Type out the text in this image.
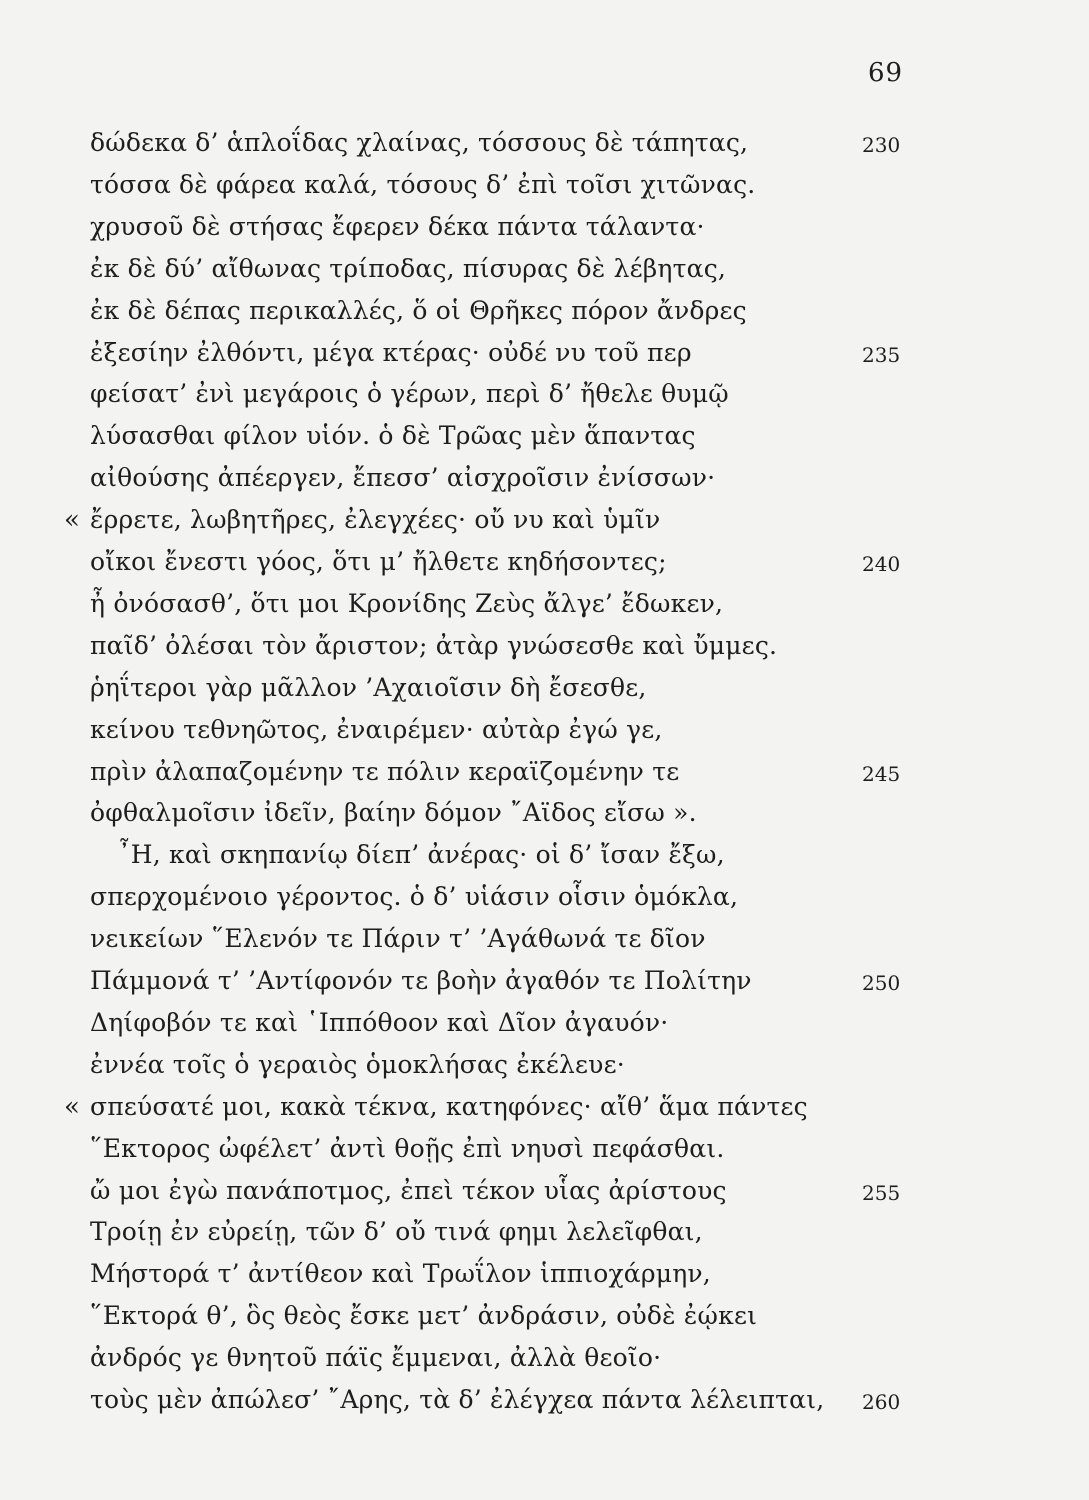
69
δώδεκα δ’ ἁπλοΐδας χλαίνας, τόσσους δὲ τάπητας,	230
τόσσα δὲ φάρεα καλά, τόσους δ’ ἐπὶ τοῖσι χιτῶνας.
χρυσοῦ δὲ στήσας ἔφερεν δέκα πάντα τάλαντα·
ἐκ δὲ δύ’ αἴθωνας τρίποδας, πίσυρας δὲ λέβητας,
ἐκ δὲ δέπας περικαλλές, ὅ οἱ Θρῆκες πόρον ἄνδρες
ἐξεσίην ἐλθόντι, μέγα κτέρας· οὐδέ νυ τοῦ περ	235
φείσατ’ ἐνὶ μεγάροις ὁ γέρων, περὶ δ’ ἤθελε θυμῷ
λύσασθαι φίλον υἱόν. ὁ δὲ Τρῶας μὲν ἅπαντας
αἰθούσης ἀπέεργεν, ἔπεσσ’ αἰσχροῖσιν ἐνίσσων·
« ἔρρετε, λωβητῆρες, ἐλεγχέες· οὔ νυ καὶ ὑμῖν
οἴκοι ἔνεστι γόος, ὅτι μ’ ἤλθετε κηδήσοντες;	240
ἦ ὀνόσασθ’, ὅτι μοι Κρονίδης Ζεὺς ἄλγε’ ἔδωκεν,
παῖδ’ ὀλέσαι τὸν ἄριστον; ἀτὰρ γνώσεσθε καὶ ὔμμες.
ῥηΐτεροι γὰρ μᾶλλον ’Αχαιοῖσιν δὴ ἔσεσθε,
κείνου τεθνηῶτος, ἐναιρέμεν· αὐτὰρ ἐγώ γε,
πρὶν ἀλαπαζομένην τε πόλιν κεραϊζομένην τε	245
ὀφθαλμοῖσιν ἰδεῖν, βαίην δόμον ῎Αϊδος εἴσω ».
῏Η, καὶ σκηπανίῳ δίεπ’ ἀνέρας· οἱ δ’ ἴσαν ἔξω,
σπερχομένοιο γέροντος. ὁ δ’ υἱάσιν οἷσιν ὁμόκλα,
νεικείων ῞Ελενόν τε Πάριν τ’ ’Αγάθωνά τε δῖον
Πάμμονά τ’ ’Αντίφονόν τε βοὴν ἀγαθόν τε Πολίτην	250
Δηίφοβόν τε καὶ ῾Ιππόθοον καὶ Δῖον ἀγαυόν·
ἐννέα τοῖς ὁ γεραιὸς ὁμοκλήσας ἐκέλευε·
« σπεύσατέ μοι, κακὰ τέκνα, κατηφόνες· αἴθ’ ἅμα πάντες
῞Εκτορος ὠφέλετ’ ἀντὶ θοῇς ἐπὶ νηυσὶ πεφάσθαι.
ὤ μοι ἐγὼ πανάποτμος, ἐπεὶ τέκον υἷας ἀρίστους	255
Τροίῃ ἐν εὐρείῃ, τῶν δ’ οὔ τινά φημι λελεῖφθαι,
Μήστορά τ’ ἀντίθεον καὶ Τρωΐλον ἱππιοχάρμην,
῞Εκτορά θ’, ὃς θεὸς ἔσκε μετ’ ἀνδράσιν, οὐδὲ ἐῴκει
ἀνδρός γε θνητοῦ πάϊς ἔμμεναι, ἀλλὰ θεοῖο·
τοὺς μὲν ἀπώλεσ’ ῎Αρης, τὰ δ’ ἐλέγχεα πάντα λέλειπται, 260
